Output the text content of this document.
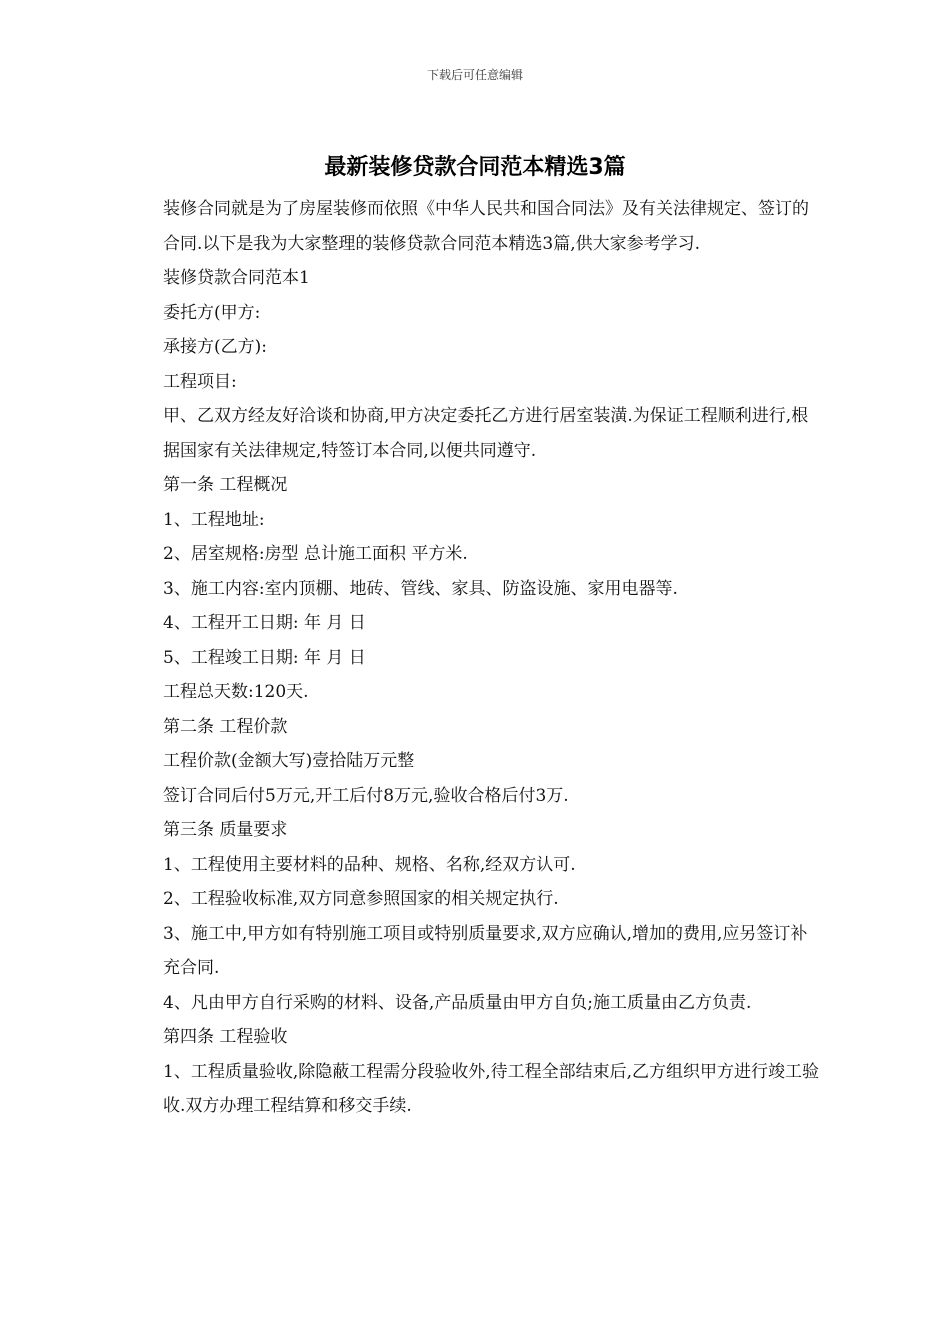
下载后可任意编辑
最新装修贷款合同范本精选3篇

装修合同就是为了房屋装修而依照《中华人民共和国合同法》及有关法律规定、签订的合同.以下是我为大家整理的装修贷款合同范本精选3篇,供大家参考学习.

装修贷款合同范本1

委托方(甲方:

承接方(乙方):

工程项目:

甲、乙双方经友好洽谈和协商,甲方决定委托乙方进行居室装潢.为保证工程顺利进行,根据国家有关法律规定,特签订本合同,以便共同遵守.

第一条 工程概况

1、工程地址:

2、居室规格:房型 总计施工面积 平方米.

3、施工内容:室内顶棚、地砖、管线、家具、防盗设施、家用电器等.

4、工程开工日期: 年 月 日

5、工程竣工日期: 年 月 日

工程总天数:120天.

第二条 工程价款

工程价款(金额大写)壹拾陆万元整

签订合同后付5万元,开工后付8万元,验收合格后付3万.

第三条 质量要求

1、工程使用主要材料的品种、规格、名称,经双方认可.

2、工程验收标准,双方同意参照国家的相关规定执行.

3、施工中,甲方如有特别施工项目或特别质量要求,双方应确认,增加的费用,应另签订补充合同.

4、凡由甲方自行采购的材料、设备,产品质量由甲方自负;施工质量由乙方负责.

第四条 工程验收

1、工程质量验收,除隐蔽工程需分段验收外,待工程全部结束后,乙方组织甲方进行竣工验收.双方办理工程结算和移交手续.
